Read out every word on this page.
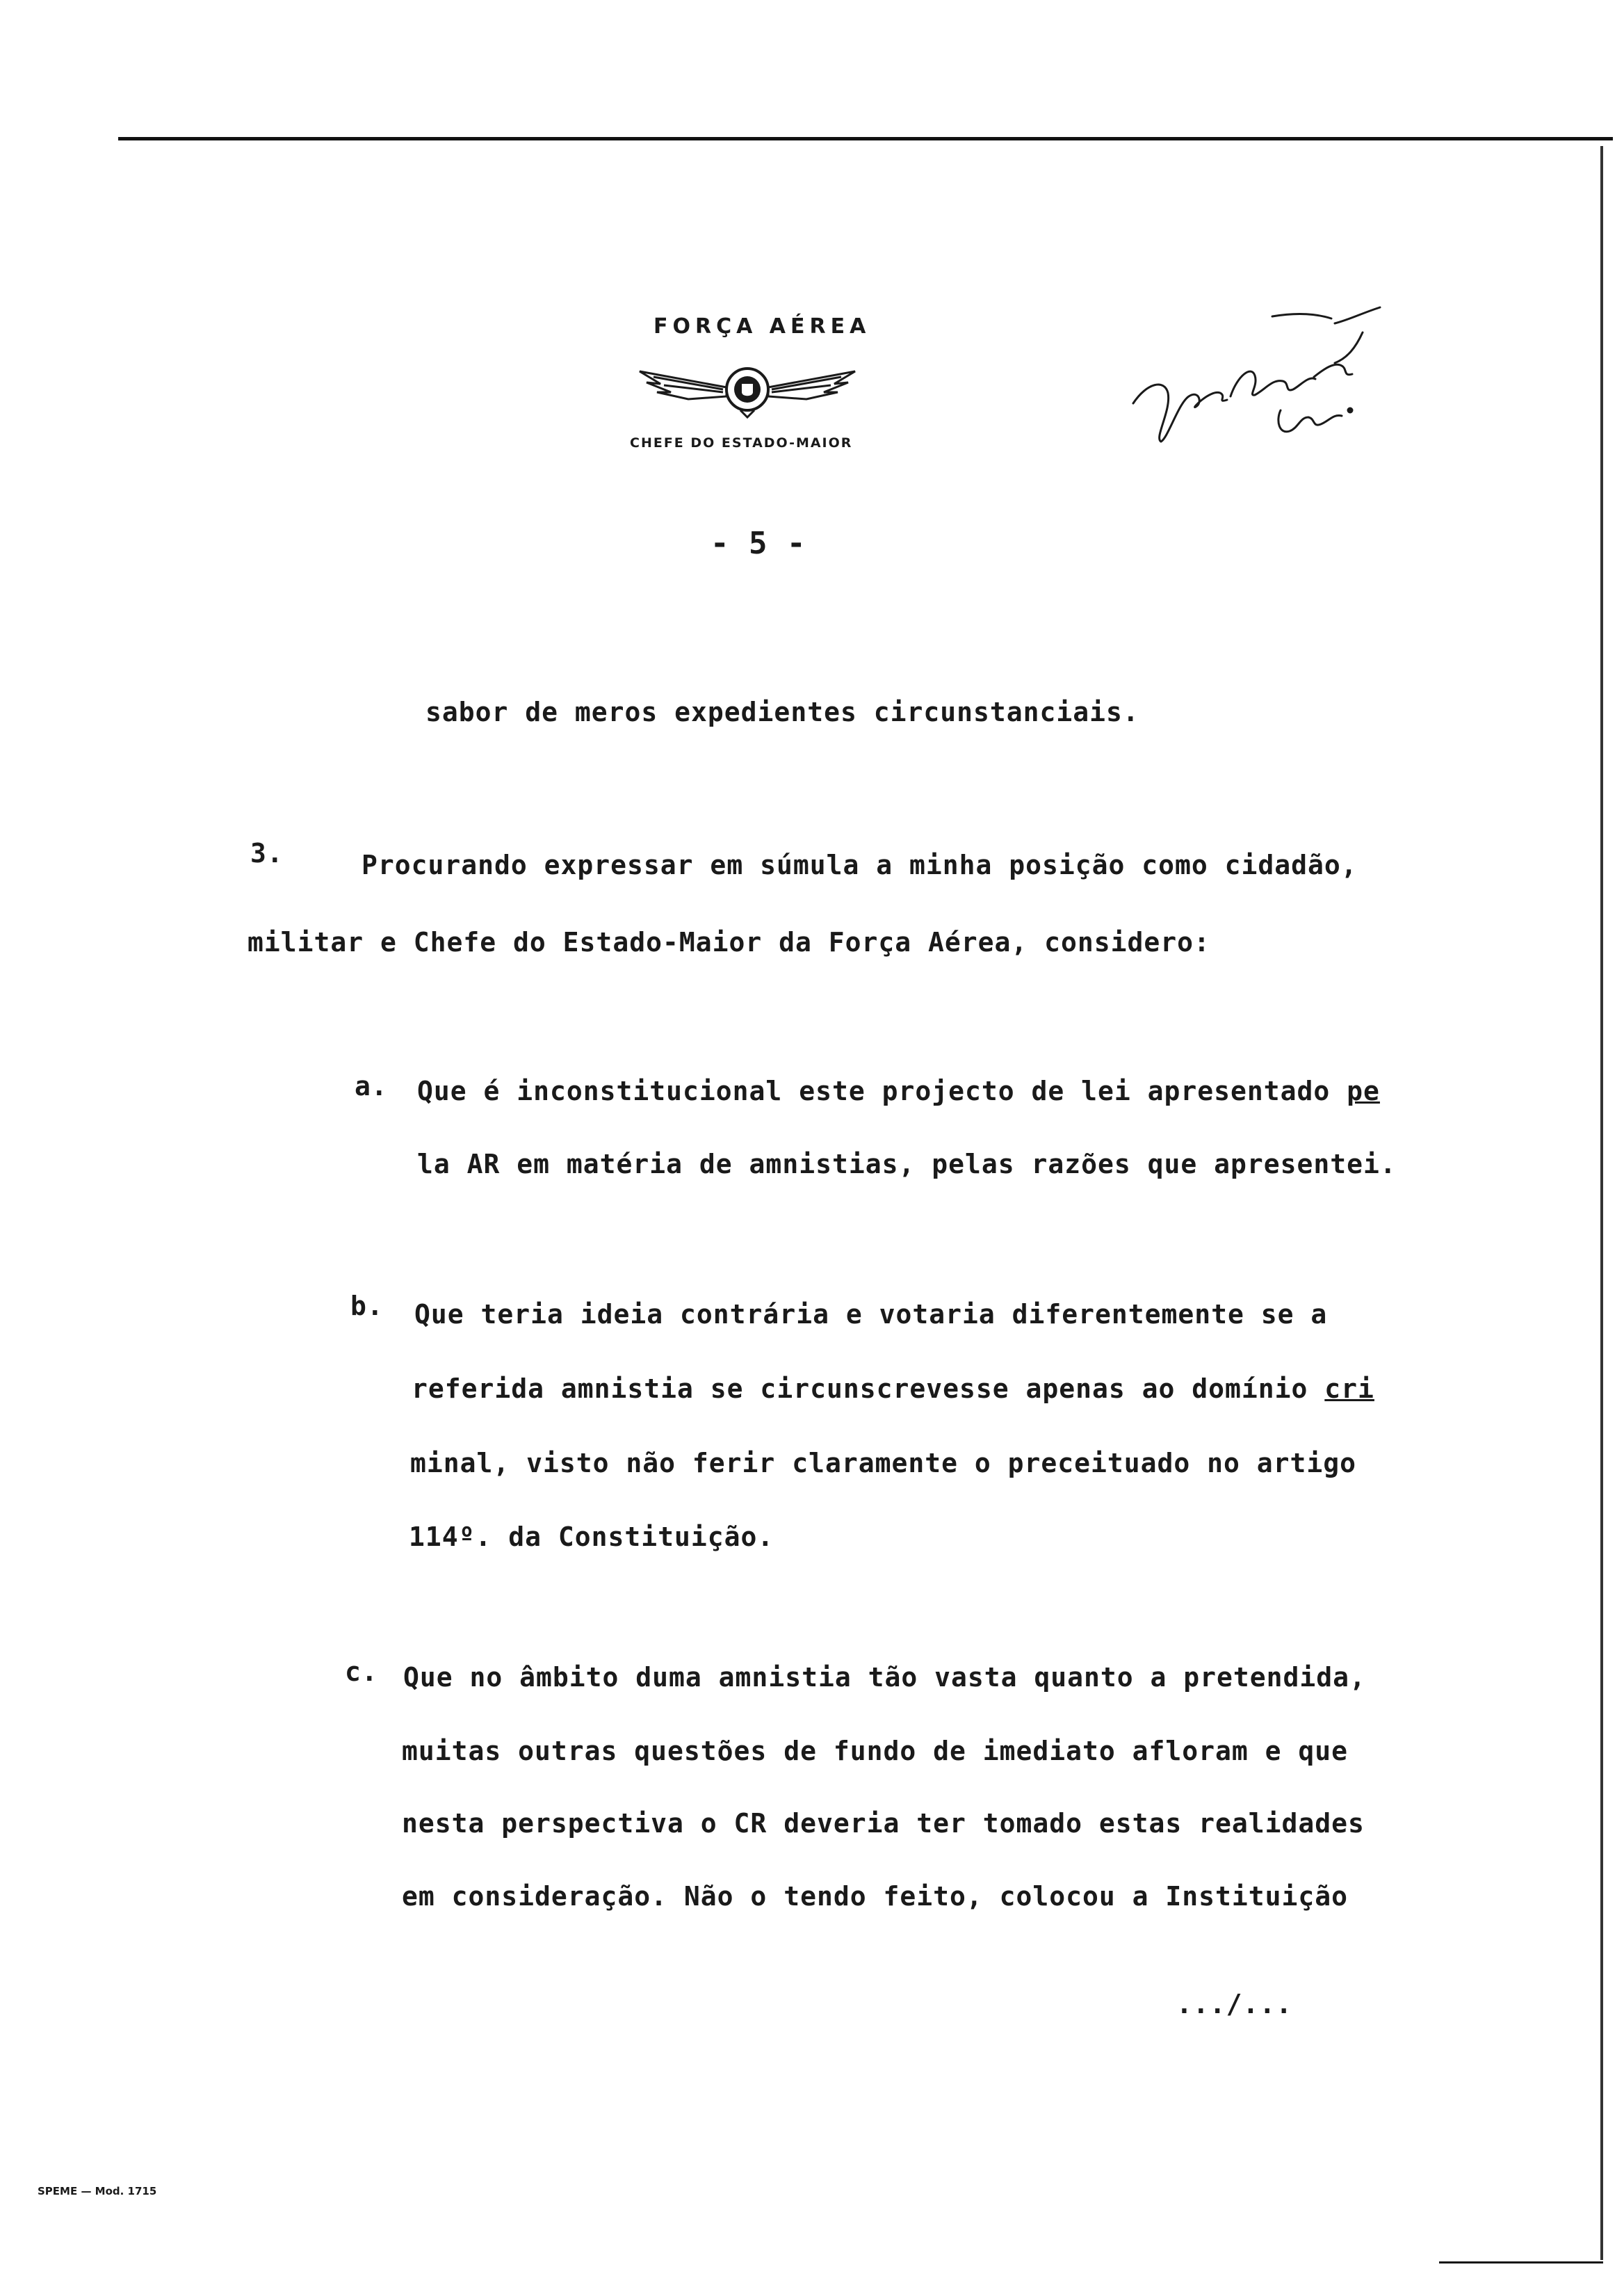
FORÇA AÉREA
CHEFE DO ESTADO-MAIOR
- 5 -
sabor de meros expedientes circunstanciais.
3.	Procurando expressar em súmula a minha posição como cidadão,
militar e Chefe do Estado-Maior da Força Aérea, considero:
a. Que é inconstitucional este projecto de lei apresentado pe
la AR em matéria de amnistias, pelas razões que apresentei.
b. Que teria ideia contrária e votaria diferentemente se a
referida amnistia se circunscrevesse apenas ao domínio cri
minal, visto não ferir claramente o preceituado no artigo
114º. da Constituição.
c. Que no âmbito duma amnistia tão vasta quanto a pretendida,
muitas outras questões de fundo de imediato afloram e que
nesta perspectiva o CR deveria ter tomado estas realidades
em consideração. Não o tendo feito, colocou a Instituição
.../...
SPEME — Mod. 1715
